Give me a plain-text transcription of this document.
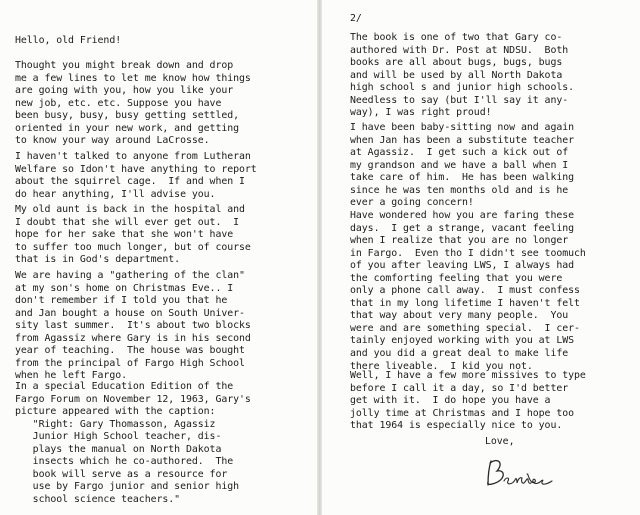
Hello, old Friend!
Thought you might break down and drop
me a few lines to let me know how things
are going with you, how you like your
new job, etc. etc. Suppose you have
been busy, busy, busy getting settled,
oriented in your new work, and getting
to know your way around LaCrosse.
I haven't talked to anyone from Lutheran
Welfare so Idon't have anything to report
about the squirrel cage.  If and when I
do hear anything, I'll advise you.
My old aunt is back in the hospital and
I doubt that she will ever get out.  I
hope for her sake that she won't have
to suffer too much longer, but of course
that is in God's department.
We are having a "gathering of the clan"
at my son's home on Christmas Eve.. I
don't remember if I told you that he
and Jan bought a house on South Univer-
sity last summer.  It's about two blocks
from Agassiz where Gary is in his second
year of teaching.  The house was bought
from the principal of Fargo High School
when he left Fargo.
In a special Education Edition of the
Fargo Forum on November 12, 1963, Gary's
picture appeared with the caption:
"Right: Gary Thomasson, Agassiz
Junior High School teacher, dis-
plays the manual on North Dakota
insects which he co-authored.  The
book will serve as a resource for
use by Fargo junior and senior high
school science teachers."
2/
The book is one of two that Gary co-
authored with Dr. Post at NDSU.  Both
books are all about bugs, bugs, bugs
and will be used by all North Dakota
high school s and junior high schools.
Needless to say (but I'll say it any-
way), I was right proud!
I have been baby-sitting now and again
when Jan has been a substitute teacher
at Agassiz.  I get such a kick out of
my grandson and we have a ball when I
take care of him.  He has been walking
since he was ten months old and is he
ever a going concern!
Have wondered how you are faring these
days.  I get a strange, vacant feeling
when I realize that you are no longer
in Fargo.  Even tho I didn't see toomuch
of you after leaving LWS, I always had
the comforting feeling that you were
only a phone call away.  I must confess
that in my long lifetime I haven't felt
that way about very many people.  You
were and are something special.  I cer-
tainly enjoyed working with you at LWS
and you did a great deal to make life
there liveable.  I kid you not.
Well, I have a few more missives to type
before I call it a day, so I'd better
get with it.  I do hope you have a
jolly time at Christmas and I hope too
that 1964 is especially nice to you.
Love,
